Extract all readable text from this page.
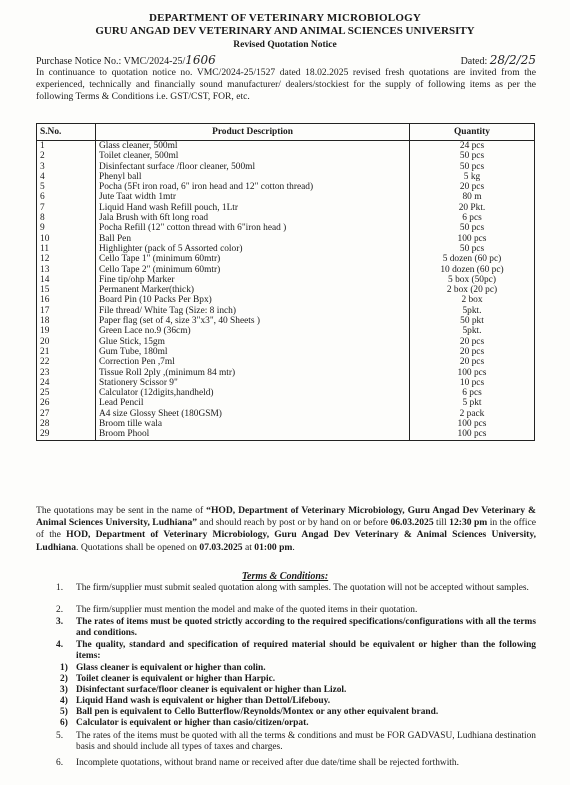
DEPARTMENT OF VETERINARY MICROBIOLOGY
GURU ANGAD DEV VETERINARY AND ANIMAL SCIENCES UNIVERSITY
Revised Quotation Notice
Purchase Notice No.: VMC/2024-25/1606	Dated: 28/2/25
In continuance to quotation notice no. VMC/2024-25/1527 dated 18.02.2025 revised fresh quotations are invited from the experienced, technically and financially sound manufacturer/ dealers/stockiest for the supply of following items as per the following Terms & Conditions i.e. GST/CST, FOR, etc.
S.No.	Product Description	Quantity
1	Glass cleaner, 500ml	24 pcs
2	Toilet cleaner, 500ml	50 pcs
3	Disinfectant surface /floor cleaner, 500ml	50 pcs
4	Phenyl ball	5 kg
5	Pocha (5Ft iron road, 6" iron head and 12" cotton thread)	20 pcs
6	Jute Taat width 1mtr	80 m
7	Liquid Hand wash Refill pouch, 1Ltr	20 Pkt.
8	Jala Brush with 6ft long road	6 pcs
9	Pocha Refill (12" cotton thread with 6"iron head )	50 pcs
10	Ball Pen	100 pcs
11	Highlighter (pack of 5 Assorted color)	50 pcs
12	Cello Tape 1" (minimum 60mtr)	5 dozen (60 pc)
13	Cello Tape 2" (minimum 60mtr)	10 dozen (60 pc)
14	Fine tip/ohp Marker	5 box (50pc)
15	Permanent Marker(thick)	2 box (20 pc)
16	Board Pin (10 Packs Per Bpx)	2 box
17	File thread/ White Tag (Size: 8 inch)	5pkt.
18	Paper flag (set of 4, size 3"x3", 40 Sheets )	50 pkt
19	Green Lace no.9 (36cm)	5pkt.
20	Glue Stick, 15gm	20 pcs
21	Gum Tube, 180ml	20 pcs
22	Correction Pen ,7ml	20 pcs
23	Tissue Roll 2ply ,(minimum 84 mtr)	100 pcs
24	Stationery Scissor 9"	10 pcs
25	Calculator (12digits,handheld)	6 pcs
26	Lead Pencil	5 pkt
27	A4 size Glossy Sheet (180GSM)	2 pack
28	Broom tille wala	100 pcs
29	Broom Phool	100 pcs
The quotations may be sent in the name of “HOD, Department of Veterinary Microbiology, Guru Angad Dev Veterinary & Animal Sciences University, Ludhiana” and should reach by post or by hand on or before 06.03.2025 till 12:30 pm in the office of the HOD, Department of Veterinary Microbiology, Guru Angad Dev Veterinary & Animal Sciences University, Ludhiana. Quotations shall be opened on 07.03.2025 at 01:00 pm.
Terms & Conditions:
1. The firm/supplier must submit sealed quotation along with samples. The quotation will not be accepted without samples.
2. The firm/supplier must mention the model and make of the quoted items in their quotation.
3. The rates of items must be quoted strictly according to the required specifications/configurations with all the terms and conditions.
4. The quality, standard and specification of required material should be equivalent or higher than the following items:
1) Glass cleaner is equivalent or higher than colin.
2) Toilet cleaner is equivalent or higher than Harpic.
3) Disinfectant surface/floor cleaner is equivalent or higher than Lizol.
4) Liquid Hand wash is equivalent or higher than Dettol/Lifebouy.
5) Ball pen is equivalent to Cello Butterflow/Reynolds/Montex or any other equivalent brand.
6) Calculator is equivalent or higher than casio/citizen/orpat.
5. The rates of the items must be quoted with all the terms & conditions and must be FOR GADVASU, Ludhiana destination basis and should include all types of taxes and charges.
6. Incomplete quotations, without brand name or received after due date/time shall be rejected forthwith.
